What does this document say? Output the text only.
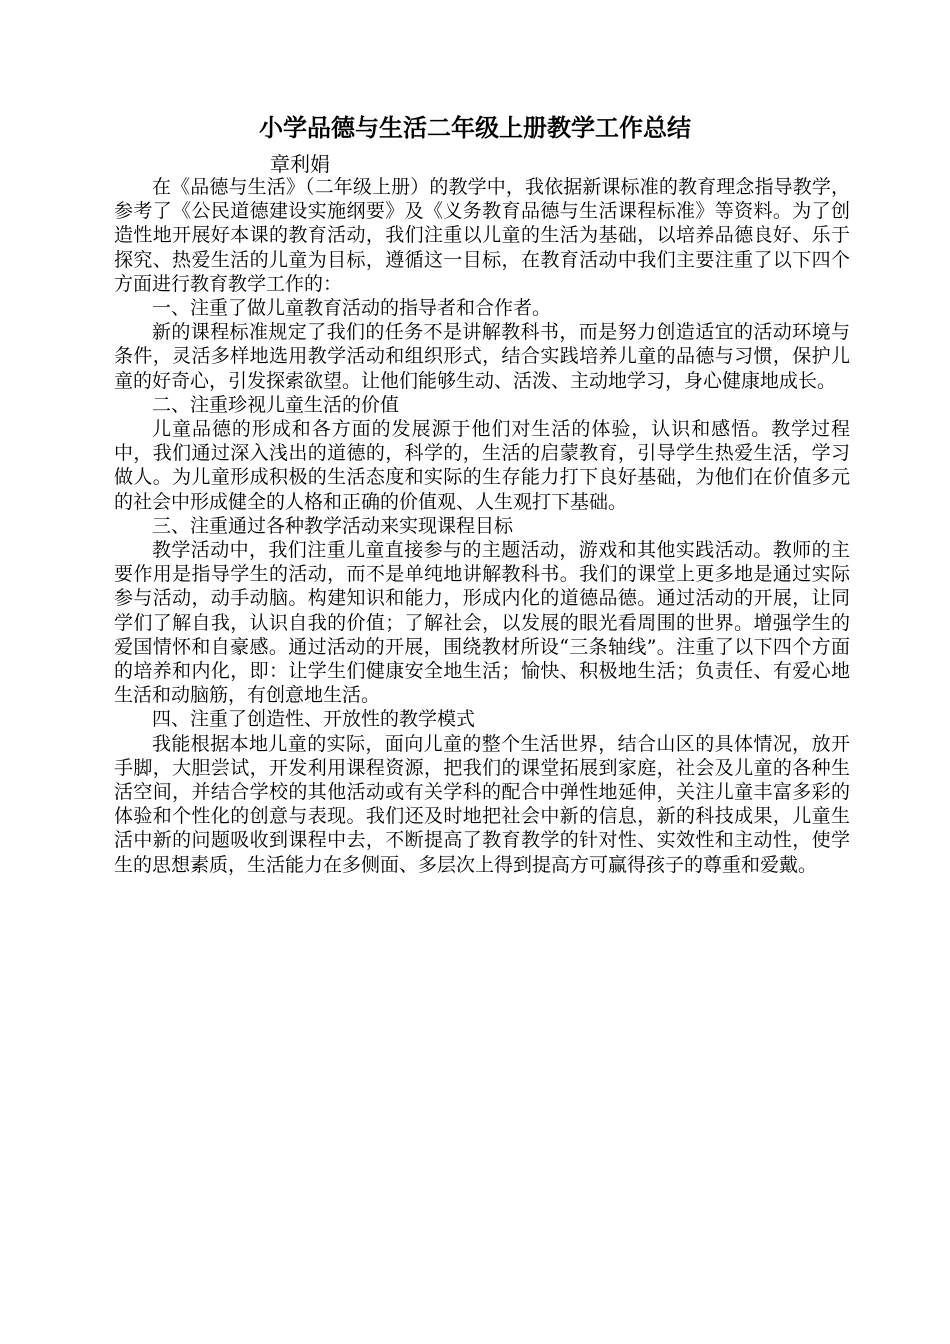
小学品德与生活二年级上册教学工作总结
章利娟

在《品德与生活》（二年级上册）的教学中，我依据新课标准的教育理念指导教学，参考了《公民道德建设实施纲要》及《义务教育品德与生活课程标准》等资料。为了创造性地开展好本课的教育活动，我们注重以儿童的生活为基础，以培养品德良好、乐于探究、热爱生活的儿童为目标，遵循这一目标，在教育活动中我们主要注重了以下四个方面进行教育教学工作的：

一、注重了做儿童教育活动的指导者和合作者。

新的课程标准规定了我们的任务不是讲解教科书，而是努力创造适宜的活动环境与条件，灵活多样地选用教学活动和组织形式，结合实践培养儿童的品德与习惯，保护儿童的好奇心，引发探索欲望。让他们能够生动、活泼、主动地学习，身心健康地成长。

二、注重珍视儿童生活的价值

儿童品德的形成和各方面的发展源于他们对生活的体验，认识和感悟。教学过程中，我们通过深入浅出的道德的，科学的，生活的启蒙教育，引导学生热爱生活，学习做人。为儿童形成积极的生活态度和实际的生存能力打下良好基础，为他们在价值多元的社会中形成健全的人格和正确的价值观、人生观打下基础。

三、注重通过各种教学活动来实现课程目标

教学活动中，我们注重儿童直接参与的主题活动，游戏和其他实践活动。教师的主要作用是指导学生的活动，而不是单纯地讲解教科书。我们的课堂上更多地是通过实际参与活动，动手动脑。构建知识和能力，形成内化的道德品德。通过活动的开展，让同学们了解自我，认识自我的价值；了解社会，以发展的眼光看周围的世界。增强学生的爱国情怀和自豪感。通过活动的开展，围绕教材所设“三条轴线”。注重了以下四个方面的培养和内化，即：让学生们健康安全地生活；愉快、积极地生活；负责任、有爱心地生活和动脑筋，有创意地生活。

四、注重了创造性、开放性的教学模式

我能根据本地儿童的实际，面向儿童的整个生活世界，结合山区的具体情况，放开手脚，大胆尝试，开发利用课程资源，把我们的课堂拓展到家庭，社会及儿童的各种生活空间，并结合学校的其他活动或有关学科的配合中弹性地延伸，关注儿童丰富多彩的体验和个性化的创意与表现。我们还及时地把社会中新的信息，新的科技成果，儿童生活中新的问题吸收到课程中去，不断提高了教育教学的针对性、实效性和主动性，使学生的思想素质，生活能力在多侧面、多层次上得到提高方可赢得孩子的尊重和爱戴。
